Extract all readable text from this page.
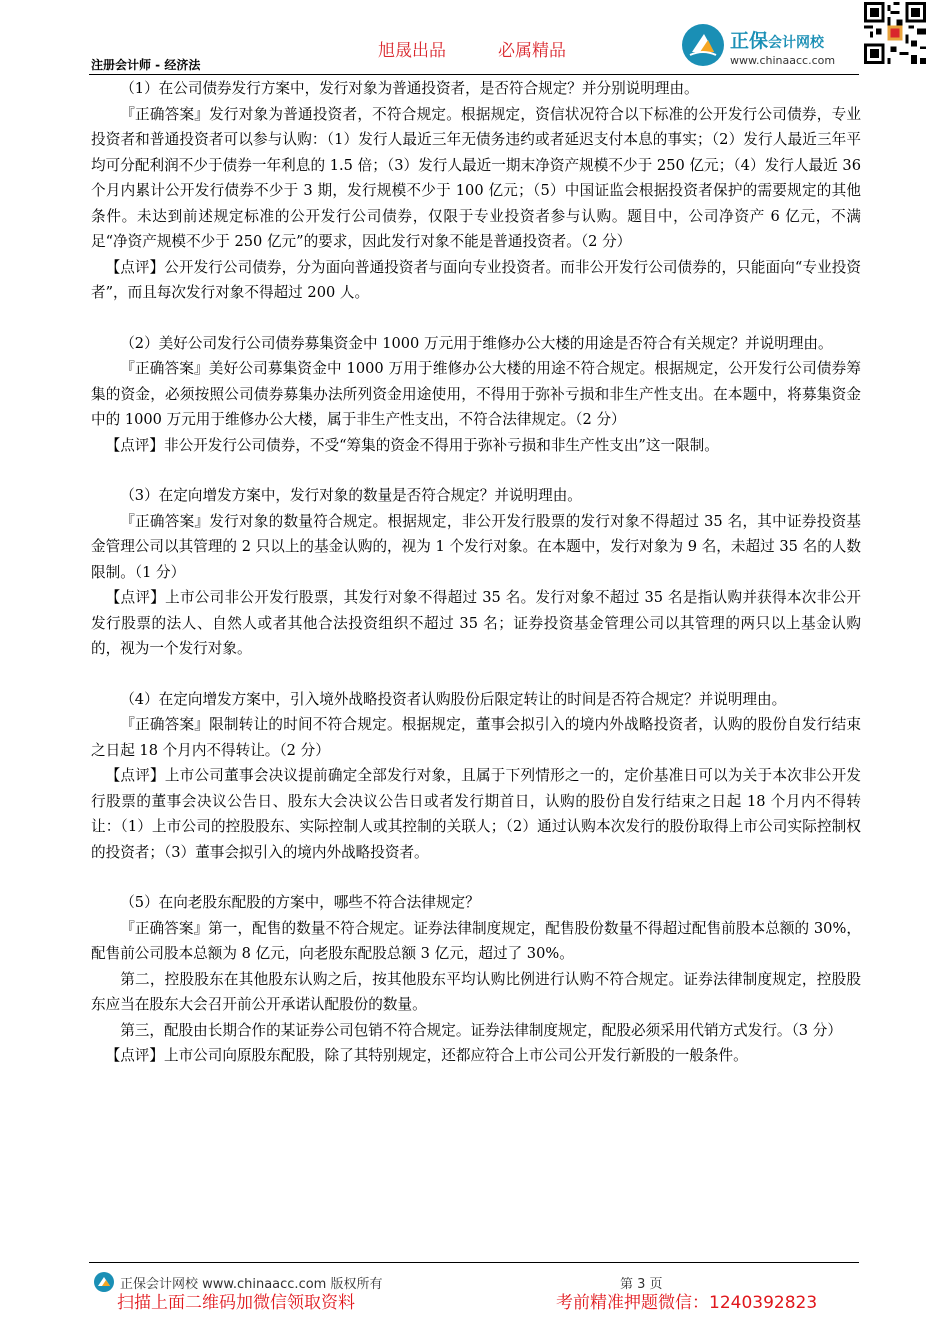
旭晟出品	必属精品
注册会计师 - 经济法
正保会计网校
www.chinaacc.com

（1）在公司债券发行方案中，发行对象为普通投资者，是否符合规定？并分别说明理由。

『正确答案』发行对象为普通投资者，不符合规定。根据规定，资信状况符合以下标准的公开发行公司债券，专业投资者和普通投资者可以参与认购：（1）发行人最近三年无债务违约或者延迟支付本息的事实；（2）发行人最近三年平均可分配利润不少于债券一年利息的 1.5 倍；（3）发行人最近一期末净资产规模不少于 250 亿元；（4）发行人最近 36 个月内累计公开发行债券不少于 3 期，发行规模不少于 100 亿元；（5）中国证监会根据投资者保护的需要规定的其他条件。未达到前述规定标准的公开发行公司债券，仅限于专业投资者参与认购。题目中，公司净资产 6 亿元，不满足“净资产规模不少于 250 亿元”的要求，因此发行对象不能是普通投资者。（2 分）

【点评】公开发行公司债券，分为面向普通投资者与面向专业投资者。而非公开发行公司债券的，只能面向“专业投资者”，而且每次发行对象不得超过 200 人。

（2）美好公司发行公司债券募集资金中 1000 万元用于维修办公大楼的用途是否符合有关规定？并说明理由。

『正确答案』美好公司募集资金中 1000 万用于维修办公大楼的用途不符合规定。根据规定，公开发行公司债券筹集的资金，必须按照公司债券募集办法所列资金用途使用，不得用于弥补亏损和非生产性支出。在本题中，将募集资金中的 1000 万元用于维修办公大楼，属于非生产性支出，不符合法律规定。（2 分）

【点评】非公开发行公司债券，不受“筹集的资金不得用于弥补亏损和非生产性支出”这一限制。

（3）在定向增发方案中，发行对象的数量是否符合规定？并说明理由。

『正确答案』发行对象的数量符合规定。根据规定，非公开发行股票的发行对象不得超过 35 名，其中证券投资基金管理公司以其管理的 2 只以上的基金认购的，视为 1 个发行对象。在本题中，发行对象为 9 名，未超过 35 名的人数限制。（1 分）

【点评】上市公司非公开发行股票，其发行对象不得超过 35 名。发行对象不超过 35 名是指认购并获得本次非公开发行股票的法人、自然人或者其他合法投资组织不超过 35 名；证券投资基金管理公司以其管理的两只以上基金认购的，视为一个发行对象。

（4）在定向增发方案中，引入境外战略投资者认购股份后限定转让的时间是否符合规定？并说明理由。

『正确答案』限制转让的时间不符合规定。根据规定，董事会拟引入的境内外战略投资者，认购的股份自发行结束之日起 18 个月内不得转让。（2 分）

【点评】上市公司董事会决议提前确定全部发行对象，且属于下列情形之一的，定价基准日可以为关于本次非公开发行股票的董事会决议公告日、股东大会决议公告日或者发行期首日，认购的股份自发行结束之日起 18 个月内不得转让：（1）上市公司的控股股东、实际控制人或其控制的关联人；（2）通过认购本次发行的股份取得上市公司实际控制权的投资者；（3）董事会拟引入的境内外战略投资者。

（5）在向老股东配股的方案中，哪些不符合法律规定？

『正确答案』第一，配售的数量不符合规定。证券法律制度规定，配售股份数量不得超过配售前股本总额的 30%，配售前公司股本总额为 8 亿元，向老股东配股总额 3 亿元，超过了 30%。

第二，控股股东在其他股东认购之后，按其他股东平均认购比例进行认购不符合规定。证券法律制度规定，控股股东应当在股东大会召开前公开承诺认配股份的数量。

第三，配股由长期合作的某证券公司包销不符合规定。证券法律制度规定，配股必须采用代销方式发行。（3 分）

【点评】上市公司向原股东配股，除了其特别规定，还都应符合上市公司公开发行新股的一般条件。

正保会计网校 www.chinaacc.com 版权所有	第 3 页
扫描上面二维码加微信领取资料	考前精准押题微信：1240392823
